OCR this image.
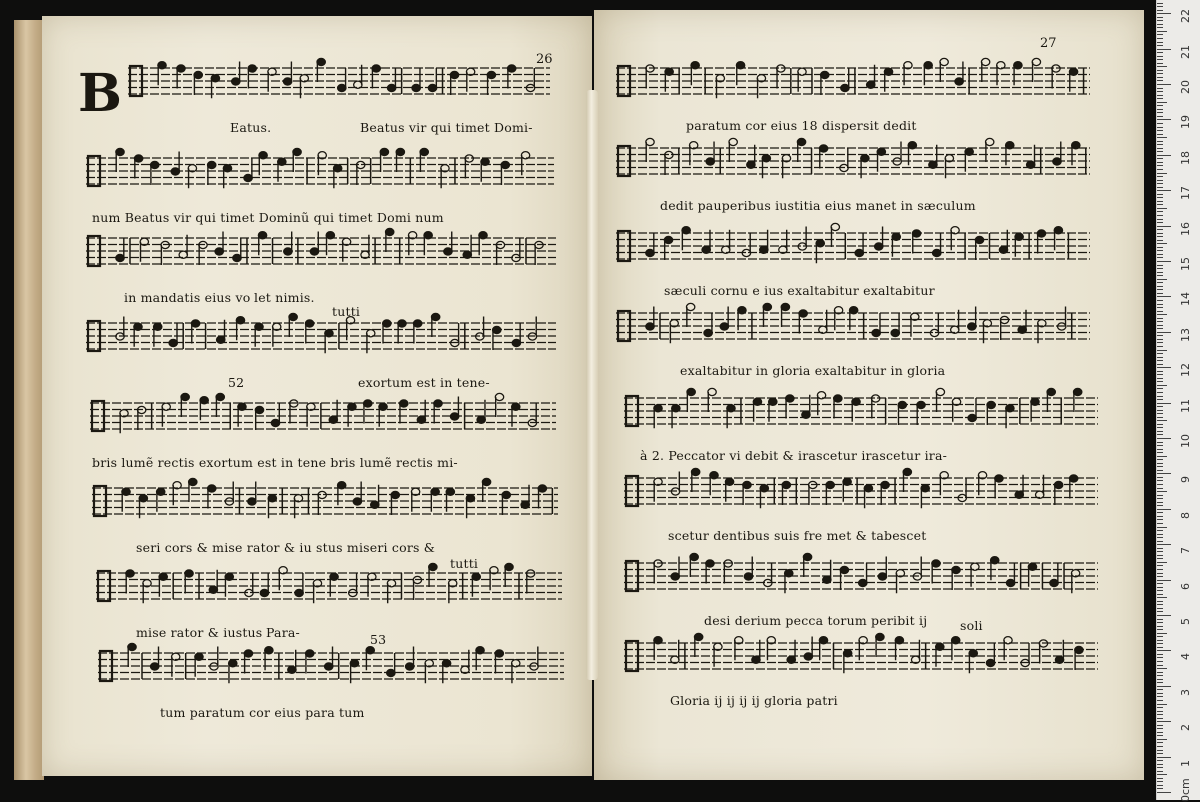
B
26
27
Eatus.	Beatus vir qui timet Domi-
num Beatus vir qui timet Dominũ qui timet Domi num
in mandatis eius vo let nimis.
52	exortum est in tene-
bris lumẽ rectis exortum est in tene bris lumẽ rectis mi-
seri cors & mise rator & iu stus miseri cors &
mise rator & iustus Para-
tum paratum cor eius para tum
tutti
tutti
53
paratum cor eius 18 dispersit dedit
dedit pauperibus iustitia eius manet in sæculum
sæculi cornu e ius exaltabitur exaltabitur
exaltabitur in gloria exaltabitur in gloria
à 2. Peccator vi debit & irascetur irascetur ira-
scetur dentibus suis fre met & tabescet
desi derium pecca torum peribit ij
Gloria ij ij ij ij gloria patri
soli
0cm
1
2
3
4
5
6
7
8
9
10
11
12
13
14
15
16
17
18
19
20
21
22
